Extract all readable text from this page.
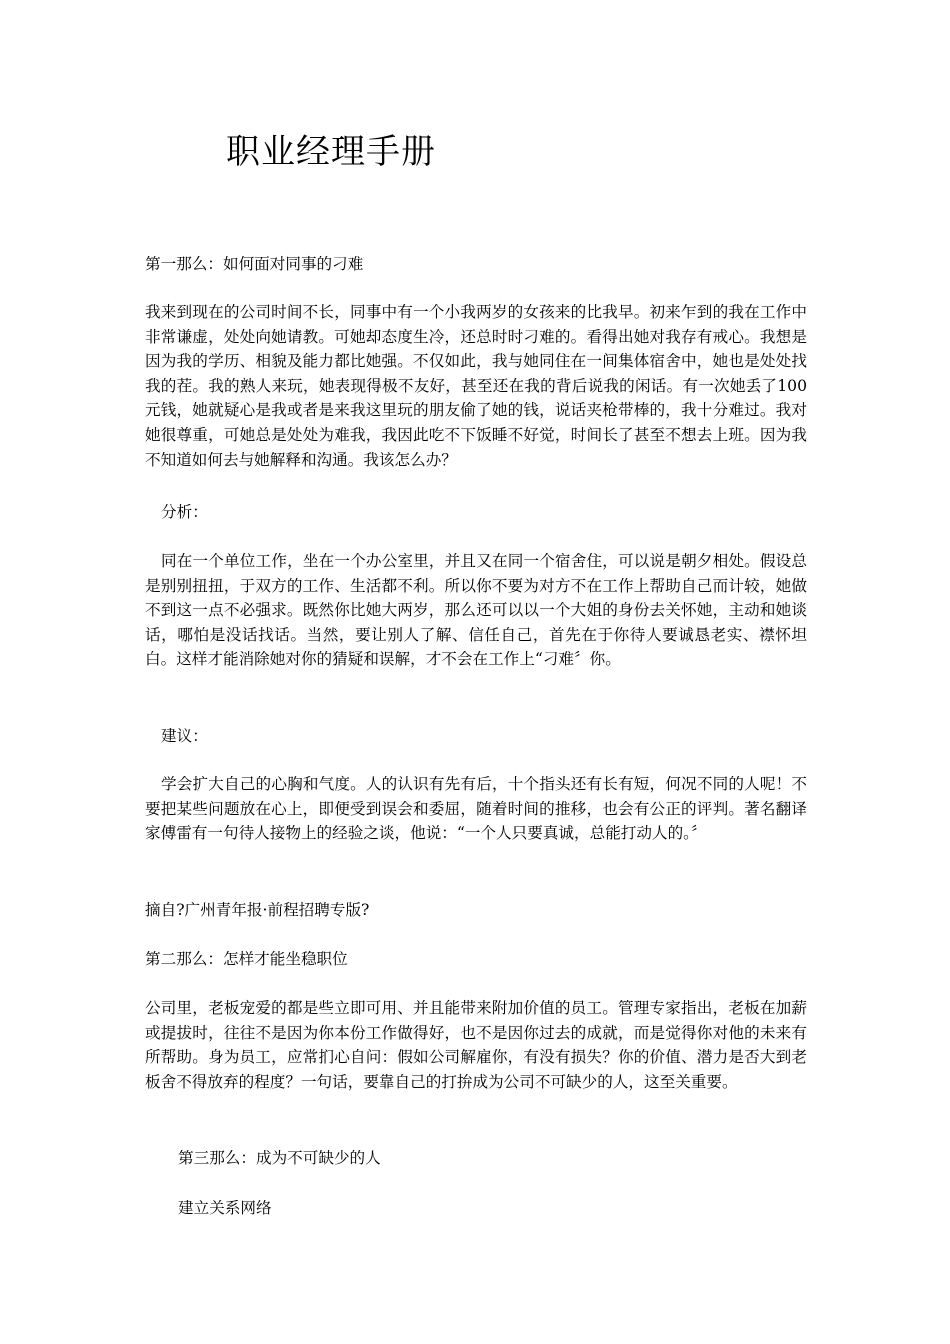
职业经理手册
第一那么：如何面对同事的刁难
我来到现在的公司时间不长，同事中有一个小我两岁的女孩来的比我早。初来乍到的我在工作中非常谦虚，处处向她请教。可她却态度生冷，还总时时刁难的。看得出她对我存有戒心。我想是因为我的学历、相貌及能力都比她强。不仅如此，我与她同住在一间集体宿舍中，她也是处处找我的茬。我的熟人来玩，她表现得极不友好，甚至还在我的背后说我的闲话。有一次她丢了100元钱，她就疑心是我或者是来我这里玩的朋友偷了她的钱，说话夹枪带棒的，我十分难过。我对她很尊重，可她总是处处为难我，我因此吃不下饭睡不好觉，时间长了甚至不想去上班。因为我不知道如何去与她解释和沟通。我该怎么办？
分析：
同在一个单位工作，坐在一个办公室里，并且又在同一个宿舍住，可以说是朝夕相处。假设总是别别扭扭，于双方的工作、生活都不利。所以你不要为对方不在工作上帮助自己而计较，她做不到这一点不必强求。既然你比她大两岁，那么还可以以一个大姐的身份去关怀她，主动和她谈话，哪怕是没话找话。当然，要让别人了解、信任自己，首先在于你待人要诚恳老实、襟怀坦白。这样才能消除她对你的猜疑和误解，才不会在工作上“刁难〞你。
建议：
学会扩大自己的心胸和气度。人的认识有先有后，十个指头还有长有短，何况不同的人呢！不要把某些问题放在心上，即便受到误会和委屈，随着时间的推移，也会有公正的评判。著名翻译家傅雷有一句待人接物上的经验之谈，他说：“一个人只要真诚，总能打动人的。〞
摘自?广州青年报·前程招聘专版?
第二那么：怎样才能坐稳职位
公司里，老板宠爱的都是些立即可用、并且能带来附加价值的员工。管理专家指出，老板在加薪或提拔时，往往不是因为你本份工作做得好，也不是因你过去的成就，而是觉得你对他的未来有所帮助。身为员工，应常扪心自问：假如公司解雇你，有没有损失？你的价值、潜力是否大到老板舍不得放弃的程度？一句话，要靠自己的打拚成为公司不可缺少的人，这至关重要。
第三那么：成为不可缺少的人
建立关系网络
